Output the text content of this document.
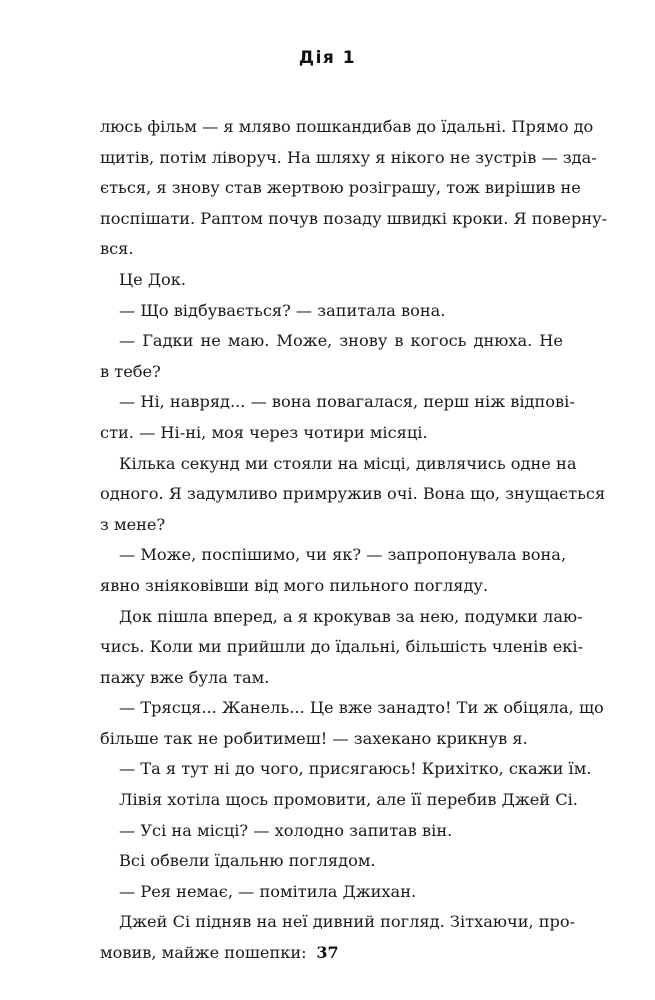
Дія 1
люсь фільм — я мляво пошкандибав до їдальні. Прямо до
щитів, потім ліворуч. На шляху я нікого не зустрів — зда-
ється, я знову став жертвою розіграшу, тож вирішив не
поспішати. Раптом почув позаду швидкі кроки. Я поверну-
вся.
Це Док.
— Що відбувається? — запитала вона.
— Гадки не маю. Може, знову в когось днюха. Не
в тебе?
— Ні, навряд... — вона повагалася, перш ніж відпові-
сти. — Ні-ні, моя через чотири місяці.
Кілька секунд ми стояли на місці, дивлячись одне на
одного. Я задумливо примружив очі. Вона що, знущається
з мене?
— Може, поспішимо, чи як? — запропонувала вона,
явно зніяковівши від мого пильного погляду.
Док пішла вперед, а я крокував за нею, подумки лаю-
чись. Коли ми прийшли до їдальні, більшість членів екі-
пажу вже була там.
— Трясця... Жанель... Це вже занадто! Ти ж обіцяла, що
більше так не робитимеш! — захекано крикнув я.
— Та я тут ні до чого, присягаюсь! Крихітко, скажи їм.
Лівія хотіла щось промовити, але її перебив Джей Сі.
— Усі на місці? — холодно запитав він.
Всі обвели їдальню поглядом.
— Рея немає, — помітила Джихан.
Джей Сі підняв на неї дивний погляд. Зітхаючи, про-
мовив, майже пошепки: 37
